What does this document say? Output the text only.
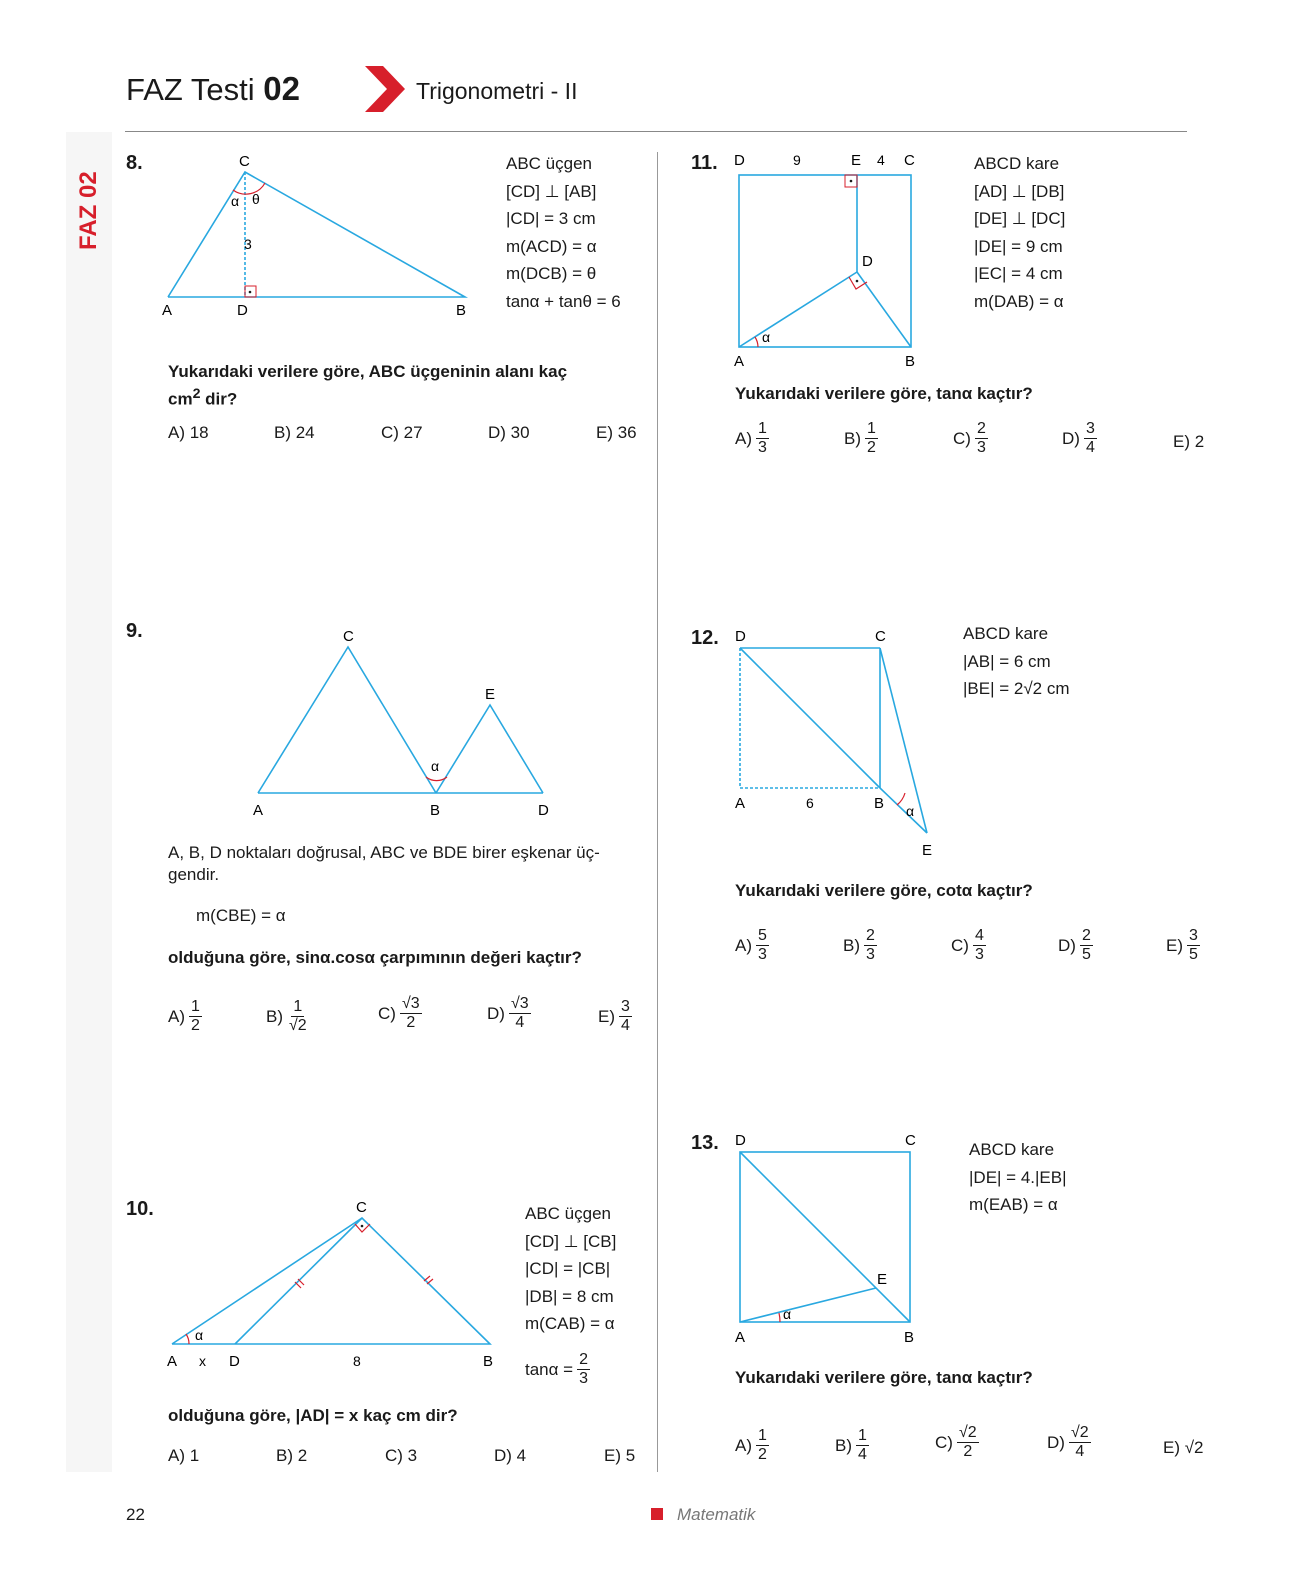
FAZ Testi 02	Trigonometri - II
FAZ 02
8.
A	D	B
C
α θ
3
ABC üçgen
[CD] ⊥ [AB]
|CD| = 3 cm
m(ACD) = α
m(DCB) = θ
tanα + tanθ = 6
Yukarıdaki verilere göre, ABC üçgeninin alanı kaç
$cm^2$ dir?
A) 18	B) 24	C) 27	D) 30	E) 36
9.	C
E
A	B	D
α
A, B, D noktaları doğrusal, ABC ve BDE birer eşkenar üç-
gendir.
m(CBE) = α
olduğuna göre, sinα.cosα çarpımının değeri kaçtır?
$A) \frac{1}{2}$	$B) \frac{1}{√2}$	$C) \frac{√3}{2}$	$D) \frac{√3}{4}$	$E) \frac{3}{4}$
10.	C
A x D	8	B
α
ABC üçgen
[CD] ⊥ [CB]
|CD| = |CB|
|DB| = 8 cm
m(CAB) = α
$\tan\alpha = \frac{2}{3}$
olduğuna göre, |AD| = x kaç cm dir?
A) 1	B) 2	C) 3	D) 4	E) 5
11. D	9	E 4 C
D
A	B
α
ABCD kare
[AD] ⊥ [DB]
[DE] ⊥ [DC]
|DE| = 9 cm
|EC| = 4 cm
m(DAB) = α
Yukarıdaki verilere göre, tanα kaçtır?
$A) \frac{1}{3}$	$B) \frac{1}{2}$	$C) \frac{2}{3}$	$D) \frac{3}{4}$	E) 2
12. D	C
A	6	B α
E
ABCD kare
|AB| = 6 cm
|BE| = 2√2 cm
Yukarıdaki verilere göre, cotα kaçtır?
$A) \frac{5}{3}$	$B) \frac{2}{3}$	$C) \frac{4}{3}$	$D) \frac{2}{5}$	$E) \frac{3}{5}$
13. D	C
E
A	B
α
ABCD kare
|DE| = 4.|EB|
m(EAB) = α
Yukarıdaki verilere göre, tanα kaçtır?
$A) \frac{1}{2}$	$B) \frac{1}{4}$	$C) \frac{√2}{2}$	$D) \frac{√2}{4}$	E) √2
22	Matematik
